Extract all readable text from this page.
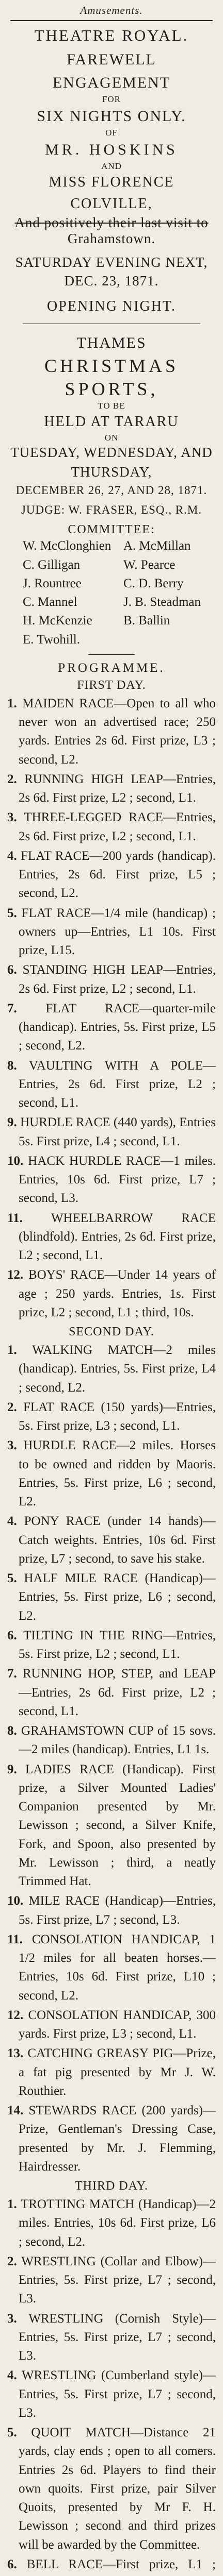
Amusements.
THEATRE ROYAL.
FAREWELL ENGAGEMENT
FOR
SIX NIGHTS ONLY.
OF
MR. HOSKINS
AND
MISS FLORENCE COLVILLE,
And positively their last visit to
Grahamstown.
SATURDAY EVENING NEXT, DEC. 23, 1871.
OPENING NIGHT.
THAMES
CHRISTMAS SPORTS,
TO BE
HELD AT TARARU
ON
TUESDAY, WEDNESDAY, AND THURSDAY,
DECEMBER 26, 27, AND 28, 1871.
JUDGE: W. FRASER, ESQ., R.M.
COMMITTEE:
W. McClonghien A. McMillan
C. Gilligan	W. Pearce
J. Rountree	C. D. Berry
C. Mannel	J. B. Steadman
H. McKenzie	B. Ballin
E. Twohill.
PROGRAMME.
FIRST DAY.
1. MAIDEN RACE—Open to all who never won an advertised race; 250 yards. Entries 2s 6d. First prize, L3 ; second, L2.
2. RUNNING HIGH LEAP—Entries, 2s 6d. First prize, L2 ; second, L1.
3. THREE-LEGGED RACE—Entries, 2s 6d. First prize, L2 ; second, L1.
4. FLAT RACE—200 yards (handicap). Entries, 2s 6d. First prize, L5 ; second, L2.
5. FLAT RACE—1/4 mile (handicap) ; owners up—Entries, L1 10s. First prize, L15.
6. STANDING HIGH LEAP—Entries, 2s 6d. First prize, L2 ; second, L1.
7. FLAT RACE—quarter-mile (handicap). Entries, 5s. First prize, L5 ; second, L2.
8. VAULTING WITH A POLE—Entries, 2s 6d. First prize, L2 ; second, L1.
9. HURDLE RACE (440 yards), Entries 5s. First prize, L4 ; second, L1.
10. HACK HURDLE RACE—1 miles. Entries, 10s 6d. First prize, L7 ; second, L3.
11. WHEELBARROW RACE (blindfold). Entries, 2s 6d. First prize, L2 ; second, L1.
12. BOYS' RACE—Under 14 years of age ; 250 yards. Entries, 1s. First prize, L2 ; second, L1 ; third, 10s.
SECOND DAY.
1. WALKING MATCH—2 miles (handicap). Entries, 5s. First prize, L4 ; second, L2.
2. FLAT RACE (150 yards)—Entries, 5s. First prize, L3 ; second, L1.
3. HURDLE RACE—2 miles. Horses to be owned and ridden by Maoris. Entries, 5s. First prize, L6 ; second, L2.
4. PONY RACE (under 14 hands)—Catch weights. Entries, 10s 6d. First prize, L7 ; second, to save his stake.
5. HALF MILE RACE (Handicap)—Entries, 5s. First prize, L6 ; second, L2.
6. TILTING IN THE RING—Entries, 5s. First prize, L2 ; second, L1.
7. RUNNING HOP, STEP, and LEAP—Entries, 2s 6d. First prize, L2 ; second, L1.
8. GRAHAMSTOWN CUP of 15 sovs.—2 miles (handicap). Entries, L1 1s.
9. LADIES RACE (Handicap). First prize, a Silver Mounted Ladies' Companion presented by Mr. Lewisson ; second, a Silver Knife, Fork, and Spoon, also presented by Mr. Lewisson ; third, a neatly Trimmed Hat.
10. MILE RACE (Handicap)—Entries, 5s. First prize, L7 ; second, L3.
11. CONSOLATION HANDICAP, 1 1/2 miles for all beaten horses.—Entries, 10s 6d. First prize, L10 ; second, L2.
12. CONSOLATION HANDICAP, 300 yards. First prize, L3 ; second, L1.
13. CATCHING GREASY PIG—Prize, a fat pig presented by Mr J. W. Routhier.
14. STEWARDS RACE (200 yards)—Prize, Gentleman's Dressing Case, presented by Mr. J. Flemming, Hairdresser.
THIRD DAY.
1. TROTTING MATCH (Handicap)—2 miles. Entries, 10s 6d. First prize, L6 ; second, L2.
2. WRESTLING (Collar and Elbow)—Entries, 5s. First prize, L7 ; second, L3.
3. WRESTLING (Cornish Style)—Entries, 5s. First prize, L7 ; second, L3.
4. WRESTLING (Cumberland style)—Entries, 5s. First prize, L7 ; second, L3.
5. QUOIT MATCH—Distance 21 yards, clay ends ; open to all comers. Entries 2s 6d. Players to find their own quoits. First prize, pair Silver Quoits, presented by Mr F. H. Lewisson ; second and third prizes will be awarded by the Committee.
6. BELL RACE—First prize, L1 ;
